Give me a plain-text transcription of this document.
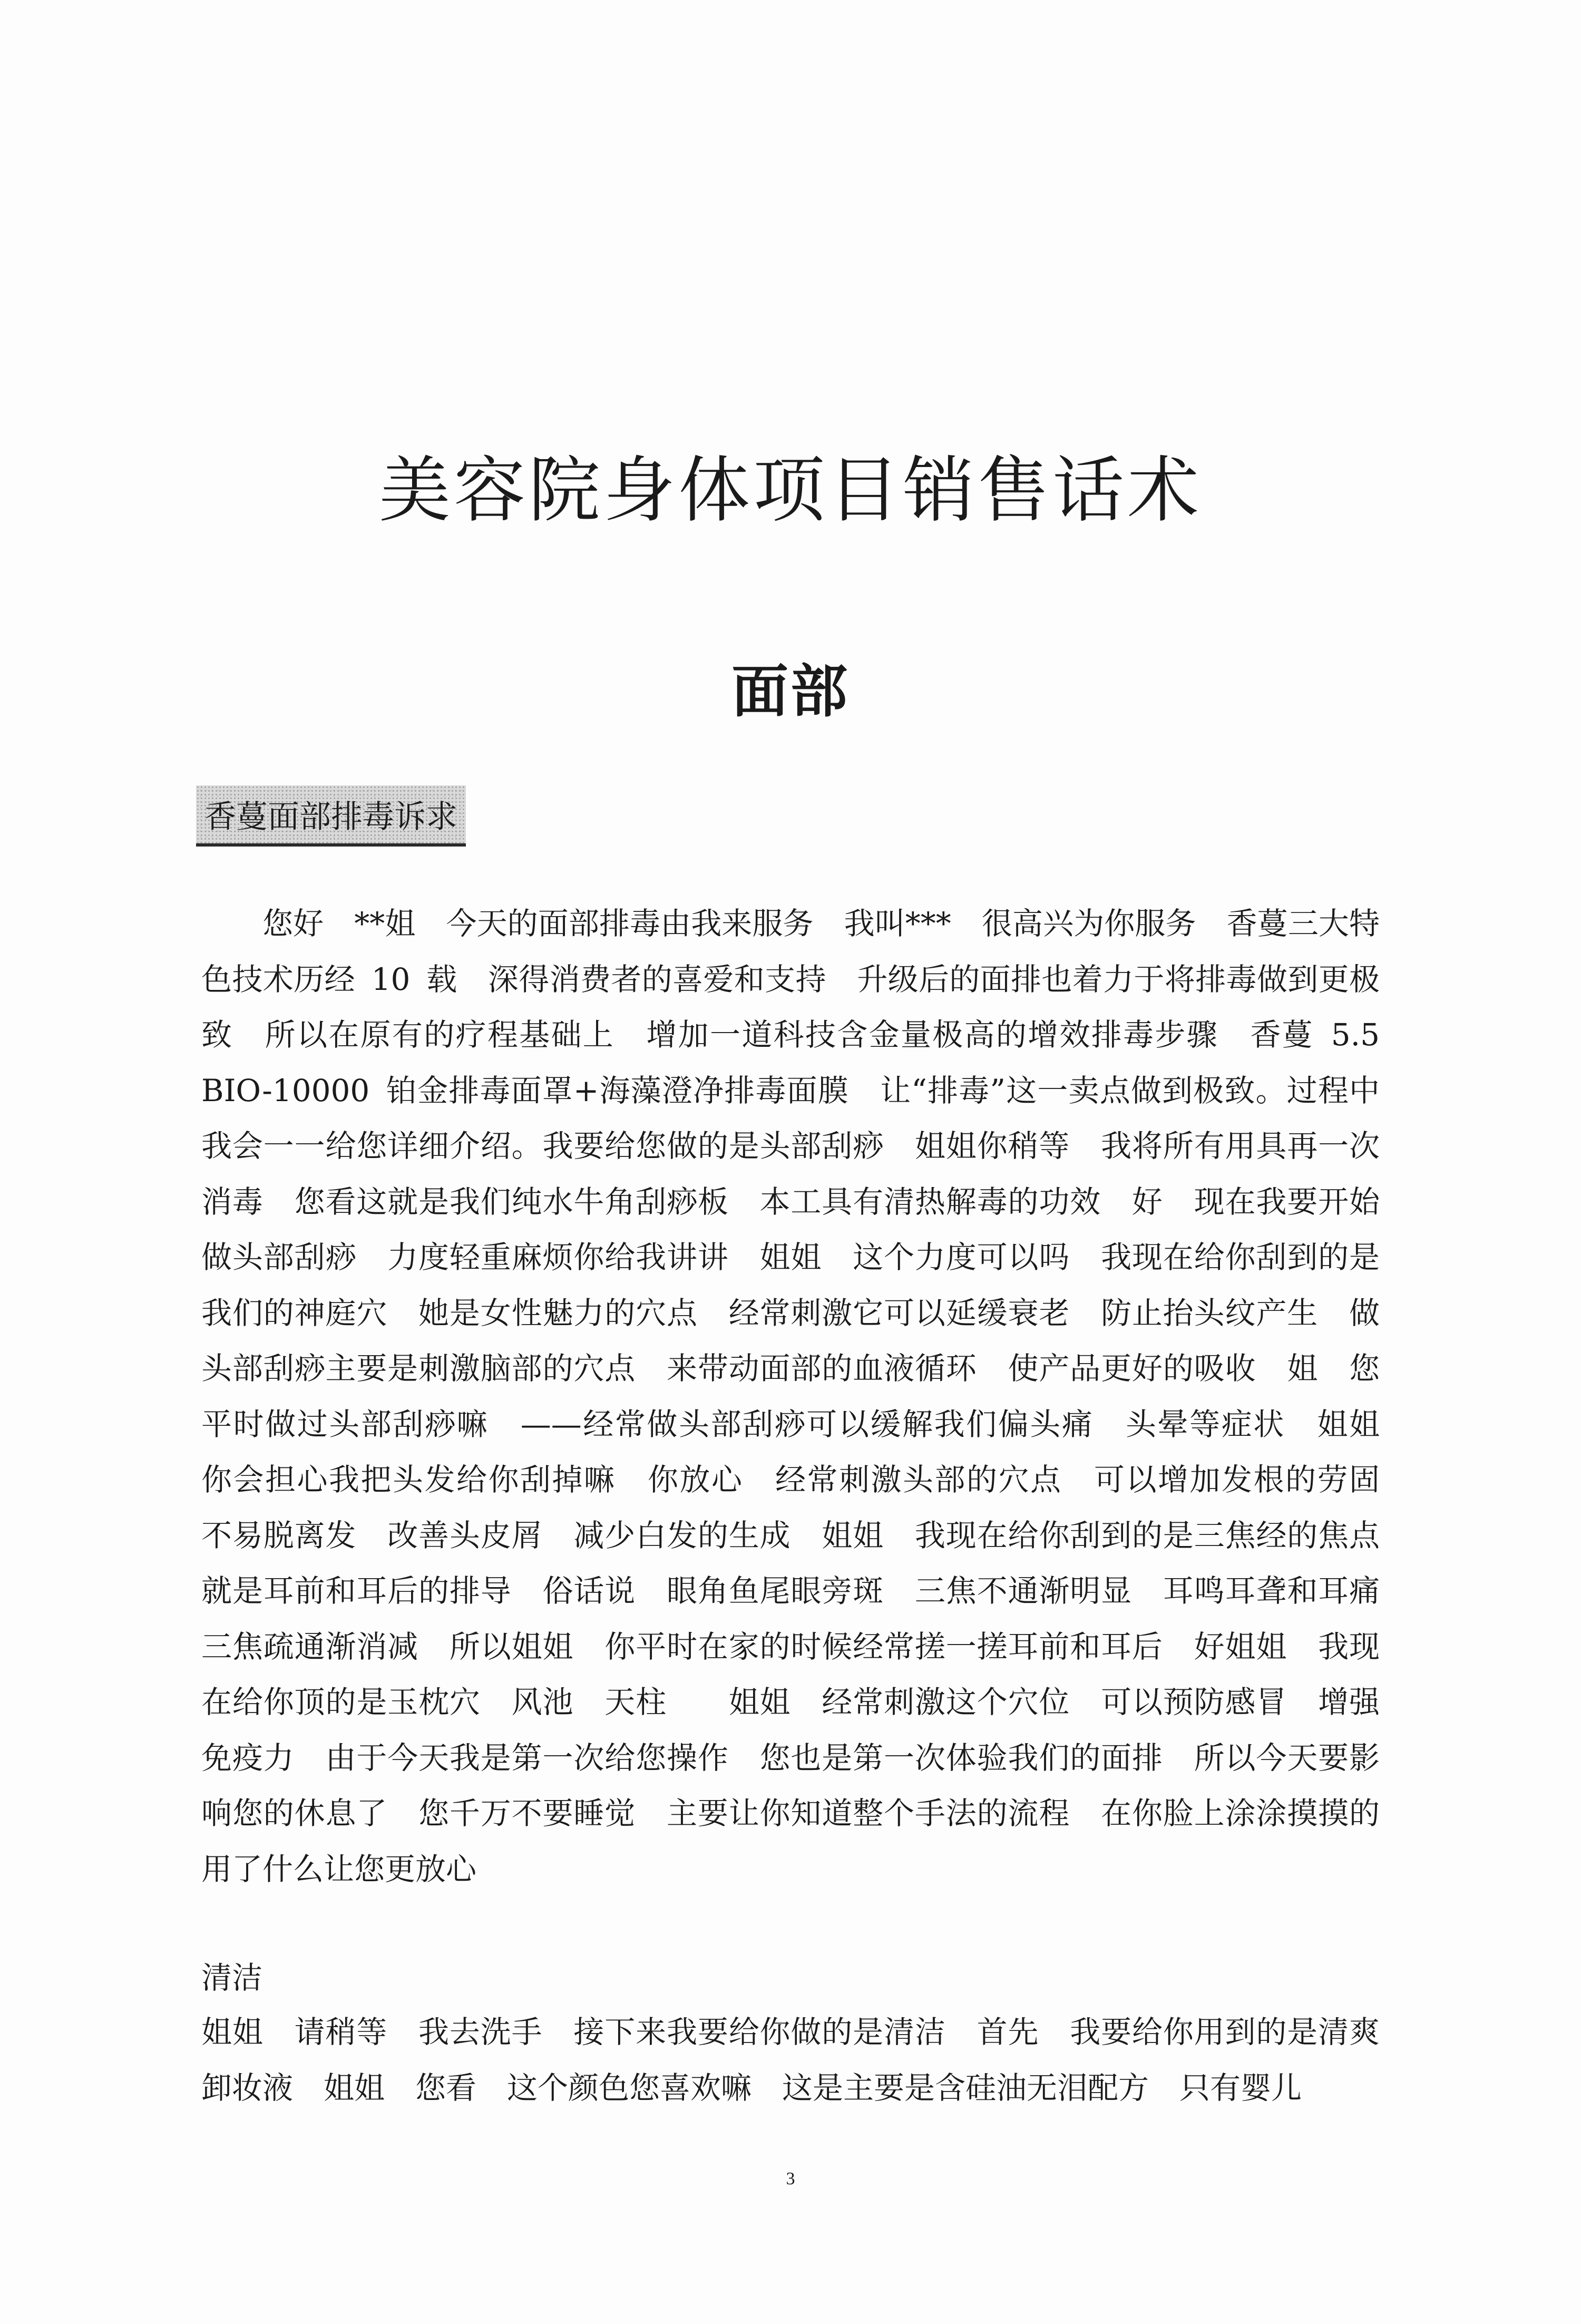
美容院身体项目销售话术
面部
香蔓面部排毒诉求

您好　**姐　今天的面部排毒由我来服务　我叫***　很高兴为你服务　香蔓三大特色技术历经 10 载　深得消费者的喜爱和支持　升级后的面排也着力于将排毒做到更极致　所以在原有的疗程基础上　增加一道科技含金量极高的增效排毒步骤　香蔓 5.5 BIO-10000 铂金排毒面罩+海藻澄净排毒面膜　让“排毒”这一卖点做到极致。过程中我会一一给您详细介绍。我要给您做的是头部刮痧　姐姐你稍等　我将所有用具再一次消毒　您看这就是我们纯水牛角刮痧板　本工具有清热解毒的功效　好　现在我要开始做头部刮痧　力度轻重麻烦你给我讲讲　姐姐　这个力度可以吗　我现在给你刮到的是我们的神庭穴　她是女性魅力的穴点　经常刺激它可以延缓衰老　防止抬头纹产生　做头部刮痧主要是刺激脑部的穴点　来带动面部的血液循环　使产品更好的吸收　姐　您平时做过头部刮痧嘛　——经常做头部刮痧可以缓解我们偏头痛　头晕等症状　姐姐　你会担心我把头发给你刮掉嘛　你放心　经常刺激头部的穴点　可以增加发根的劳固　不易脱离发　改善头皮屑　减少白发的生成　姐姐　我现在给你刮到的是三焦经的焦点　就是耳前和耳后的排导　俗话说　眼角鱼尾眼旁斑　三焦不通渐明显　耳鸣耳聋和耳痛　三焦疏通渐消减　所以姐姐　你平时在家的时候经常搓一搓耳前和耳后　好姐姐　我现在给你顶的是玉枕穴　风池　天柱　　姐姐　经常刺激这个穴位　可以预防感冒　增强免疫力　由于今天我是第一次给您操作　您也是第一次体验我们的面排　所以今天要影响您的休息了　您千万不要睡觉　主要让你知道整个手法的流程　在你脸上涂涂摸摸的用了什么让您更放心

清洁

姐姐　请稍等　我去洗手　接下来我要给你做的是清洁　首先　我要给你用到的是清爽卸妆液　姐姐　您看　这个颜色您喜欢嘛　这是主要是含硅油无泪配方　只有婴儿

3
